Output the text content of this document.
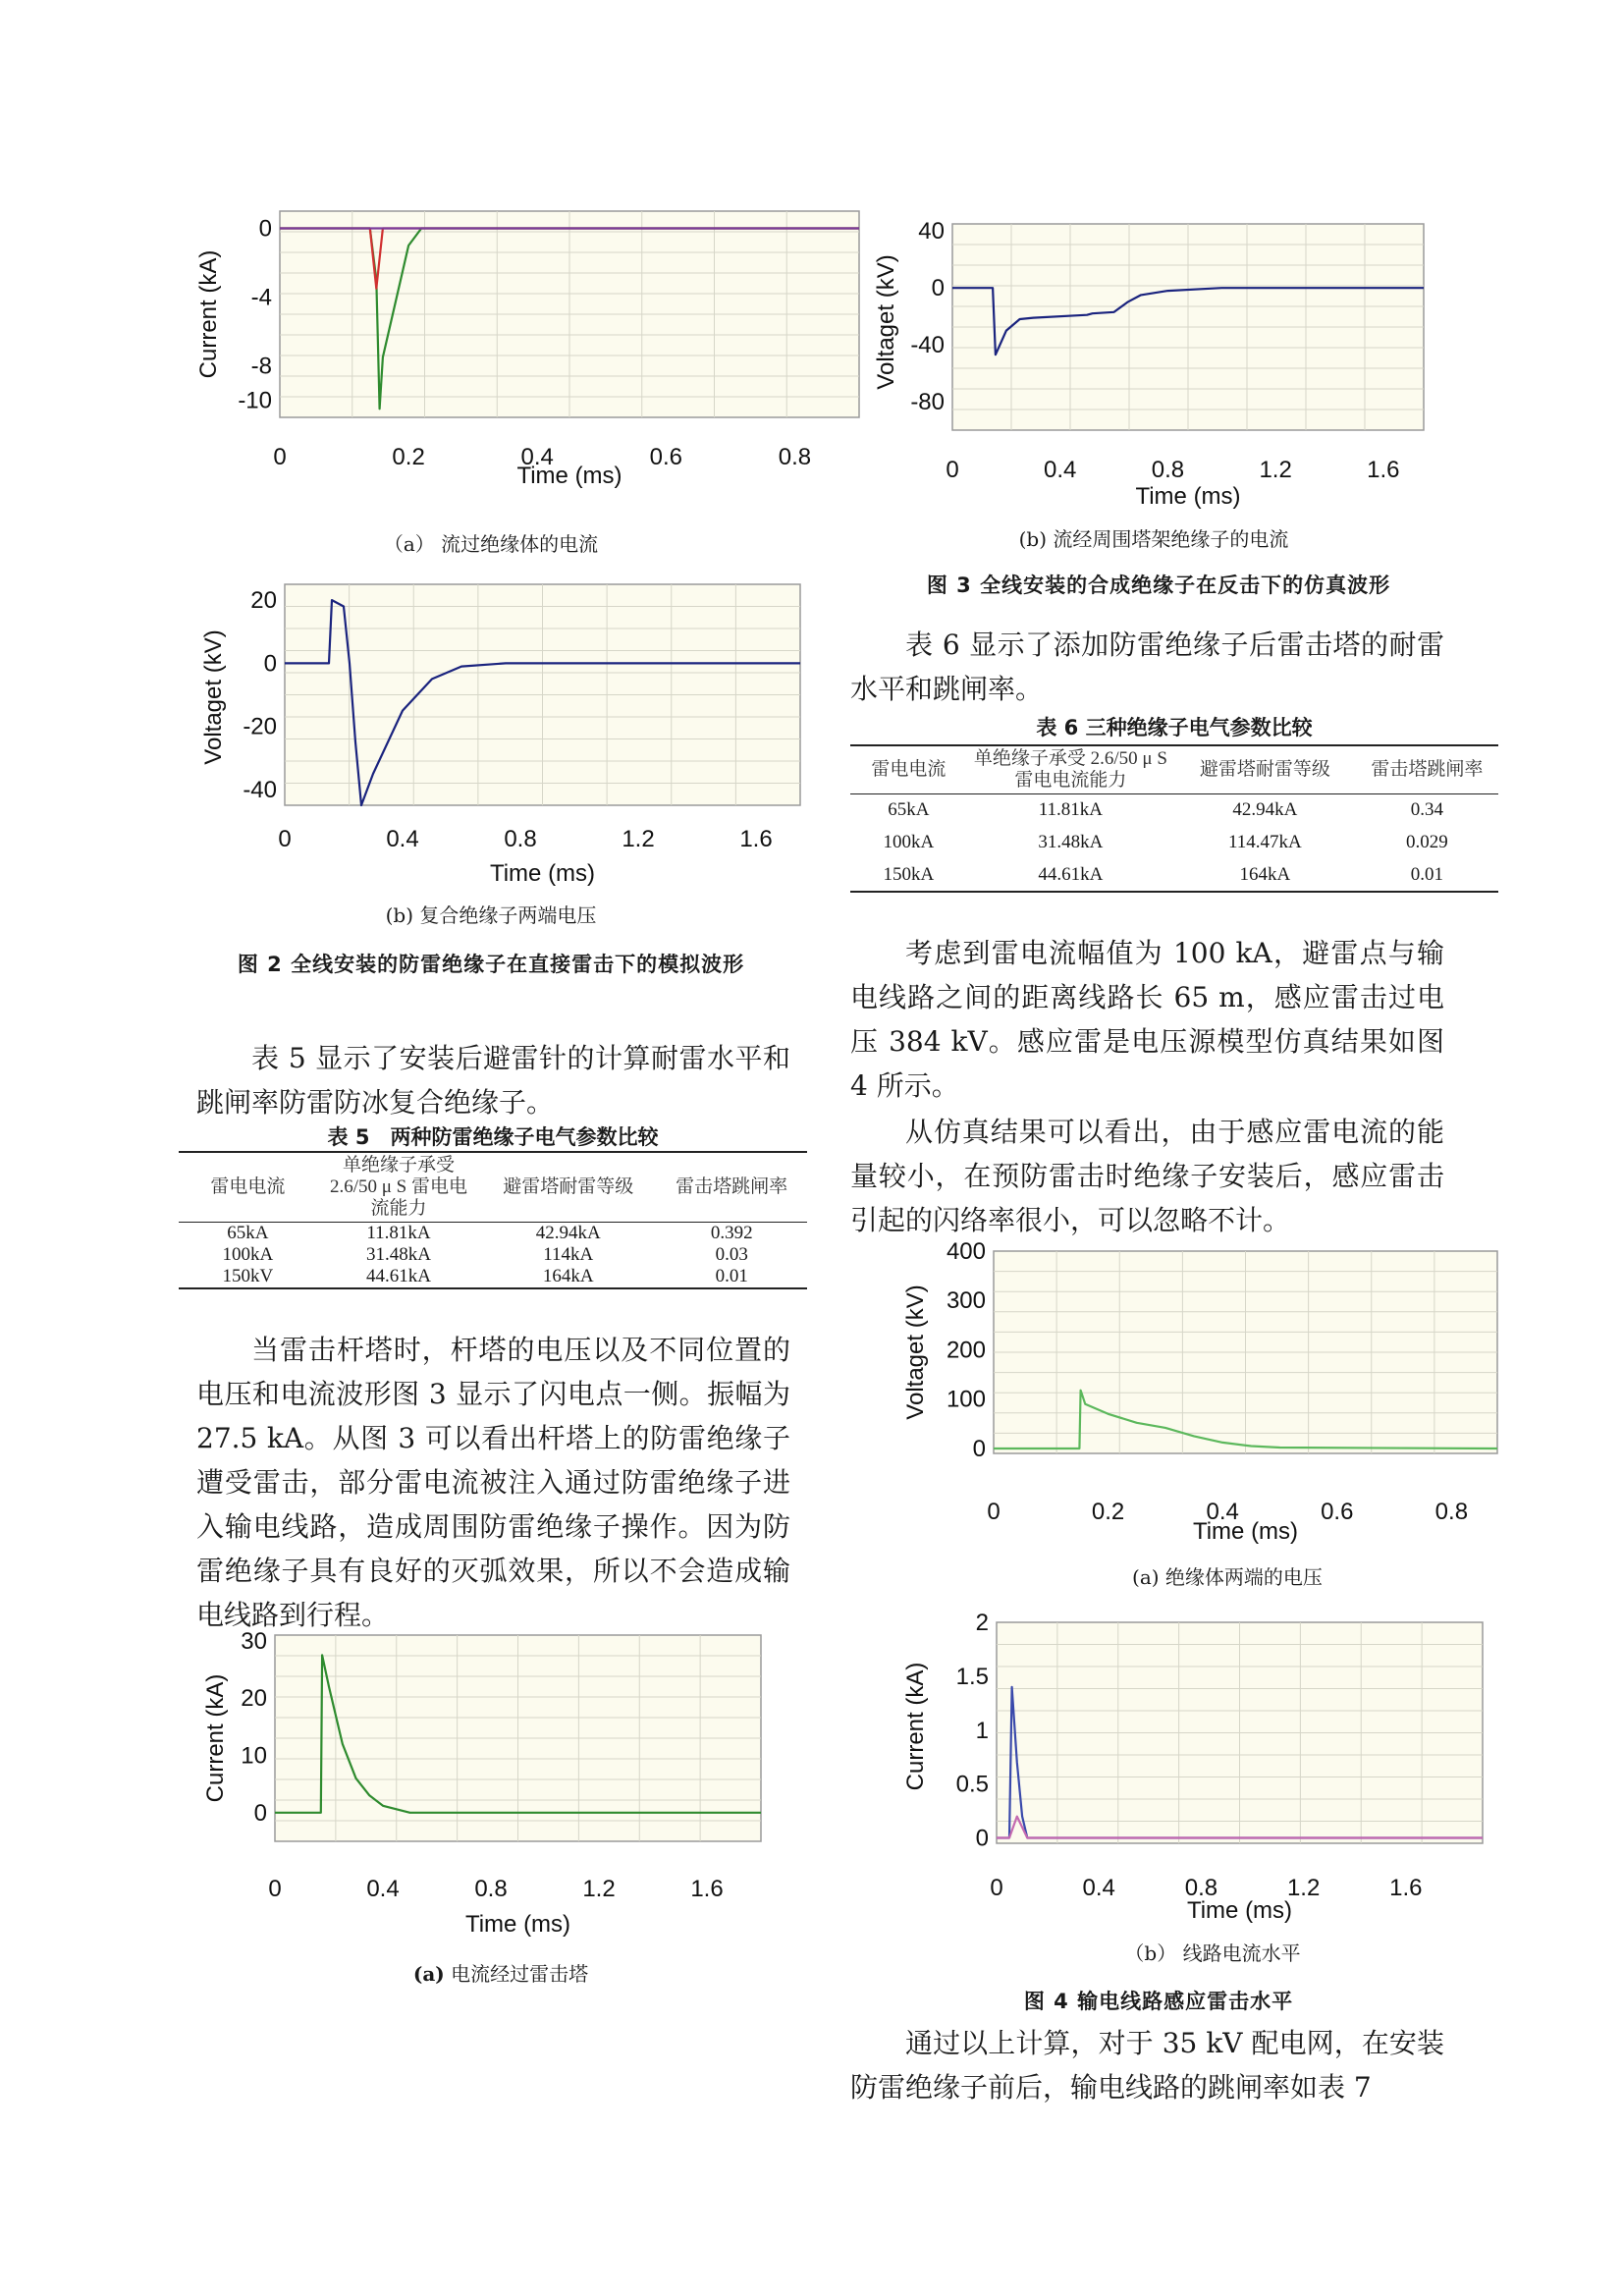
0
-4
-8
-10
0	0.2	0.4	0.6	0.8
Time (ms)
Current (kA)
（a） 流过绝缘体的电流
20
0
-20
-40
0	0.4	0.8	1.2	1.6
Time (ms)
Voltaget (kV)
(b) 复合绝缘子两端电压
图 2 全线安装的防雷绝缘子在直接雷击下的模拟波形
表 5 显示了安装后避雷针的计算耐雷水平和跳闸率防雷防冰复合绝缘子。
表 5　两种防雷绝缘子电气参数比较
雷电电流	单绝缘子承受 2.6/50 μ S 雷电电流能力	避雷塔耐雷等级	雷击塔跳闸率
65kA	11.81kA	42.94kA	0.392
100kA	31.48kA	114kA	0.03
150kV	44.61kA	164kA	0.01
当雷击杆塔时，杆塔的电压以及不同位置的电压和电流波形图 3 显示了闪电点一侧。振幅为 27.5 kA。从图 3 可以看出杆塔上的防雷绝缘子遭受雷击，部分雷电流被注入通过防雷绝缘子进入输电线路，造成周围防雷绝缘子操作。因为防雷绝缘子具有良好的灭弧效果，所以不会造成输电线路到行程。
30
20
10
0
0	0.4	0.8	1.2	1.6
Time (ms)
Current (kA)
(a) 电流经过雷击塔
40
0
-40
-80
0	0.4	0.8	1.2	1.6
Time (ms)
Voltaget (kV)
(b) 流经周围塔架绝缘子的电流
图 3 全线安装的合成绝缘子在反击下的仿真波形
表 6 显示了添加防雷绝缘子后雷击塔的耐雷水平和跳闸率。
表 6 三种绝缘子电气参数比较
雷电电流	单绝缘子承受 2.6/50 μ S 雷电电流能力	避雷塔耐雷等级	雷击塔跳闸率
65kA	11.81kA	42.94kA	0.34
100kA	31.48kA	114.47kA	0.029
150kA	44.61kA	164kA	0.01
考虑到雷电流幅值为 100 kA，避雷点与输电线路之间的距离线路长 65 m，感应雷击过电压 384 kV。感应雷是电压源模型仿真结果如图 4 所示。
从仿真结果可以看出，由于感应雷电流的能量较小，在预防雷击时绝缘子安装后，感应雷击引起的闪络率很小，可以忽略不计。
400
300
200
100
0
0	0.2	0.4	0.6	0.8
Time (ms)
Voltaget (kV)
(a) 绝缘体两端的电压
2
1.5
1
0.5
0
0	0.4	0.8	1.2	1.6
Time (ms)
Current (kA)
（b） 线路电流水平
图 4 输电线路感应雷击水平
通过以上计算，对于 35 kV 配电网，在安装防雷绝缘子前后，输电线路的跳闸率如表 7
